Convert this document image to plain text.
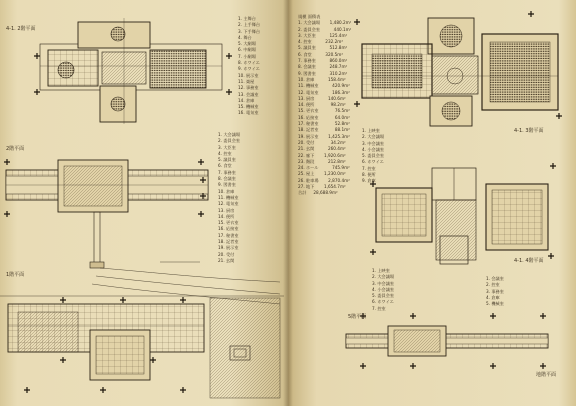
4-1. 2階平面
1. 主舞台
2. 上手舞台
3. 下手舞台
4. 舞台
5. 大劇場
6. 中劇場
7. 小劇場
8. ホワイエ
9. ホワイエ
10. 展示室
11. 楽屋
12. 事務室
13. 会議室
14. 倉庫
15. 機械室
16. 電気室
2階平面
1. 大会議場
2. 委員会室
3. 大臣室
4. 控室
5. 議員室
6. 食堂
7. 事務室
8. 会議室
9. 図書室
10. 倉庫
11. 機械室
12. 電気室
13. 厨房
14. 便所
15. 更衣室
16. 応接室
17. 秘書室
18. 記者室
19. 展示室
20. 受付
21. 玄関
1階平面
規模 面積表
1. 大会議場 1,480.2m²
2. 委員会室	440.1m²
3. 大臣室	125.4m²
4. 控室	232.2m²
5. 議員室	512.8m²
6. 食堂	320.5m²
7. 事務室	860.0m²
8. 会議室	248.7m²
9. 図書室	310.2m²
10. 倉庫	158.4m²
11. 機械室	420.9m²
12. 電気室	186.3m²
13. 厨房	140.6m²
14. 便所	98.2m²
15. 更衣室	76.5m²
16. 応接室	64.0m²
17. 秘書室	52.8m²
18. 記者室	88.1m²
19. 展示室 1,425.3m²
20. 受付	34.2m²
21. 玄関	260.4m²
22. 廊下 1,920.6m²
23. 階段	212.8m²
24. ホール	745.9m²
25. 屋上 1,230.0m²
26. 駐車場 2,870.4m²
27. 地下 1,654.7m²
合計 28,688.9m²
4-1. 3階平面
1. 上映室
2. 大会議場
3. 中会議室
4. 小会議室
5. 委員会室
6. ホワイエ
7. 控室
8. 便所
9. 倉庫
4-1. 4階平面
1. 上映室
2. 大会議場
3. 中会議室
4. 小会議室
5. 委員会室
6. ホワイエ
7. 控室
5階平面
1. 会議室
2. 控室
3. 事務室
4. 倉庫
5. 機械室
地階平面
